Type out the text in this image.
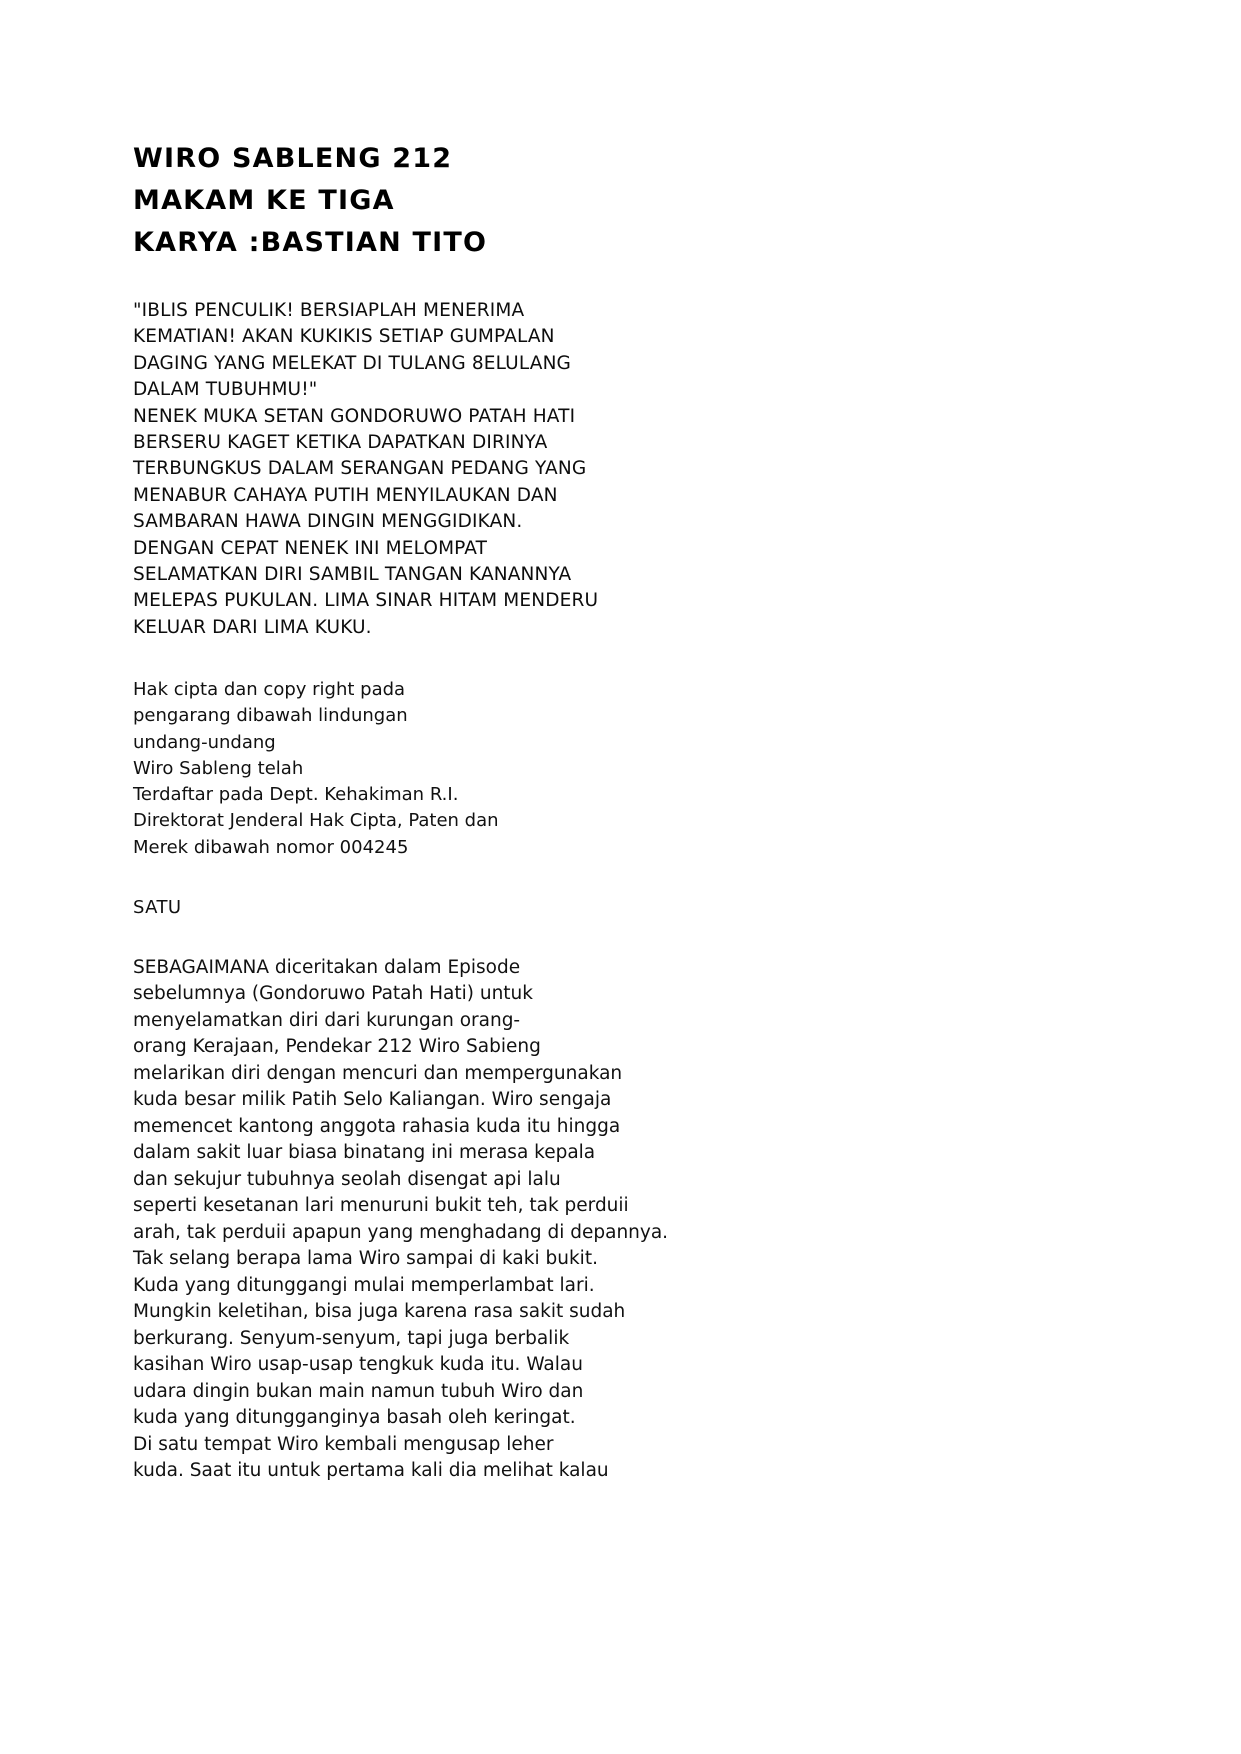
WIRO SABLENG 212
MAKAM KE TIGA
KARYA :BASTIAN TITO
"IBLIS PENCULIK! BERSIAPLAH MENERIMA
KEMATIAN! AKAN KUKIKIS SETIAP GUMPALAN
DAGING YANG MELEKAT DI TULANG 8ELULANG
DALAM TUBUHMU!"
NENEK MUKA SETAN GONDORUWO PATAH HATI
BERSERU KAGET KETIKA DAPATKAN DIRINYA
TERBUNGKUS DALAM SERANGAN PEDANG YANG
MENABUR CAHAYA PUTIH MENYILAUKAN DAN
SAMBARAN HAWA DINGIN MENGGIDIKAN.
DENGAN CEPAT NENEK INI MELOMPAT
SELAMATKAN DIRI SAMBIL TANGAN KANANNYA
MELEPAS PUKULAN. LIMA SINAR HITAM MENDERU
KELUAR DARI LIMA KUKU.
Hak cipta dan copy right pada
pengarang dibawah lindungan
undang-undang
Wiro Sableng telah
Terdaftar pada Dept. Kehakiman R.I.
Direktorat Jenderal Hak Cipta, Paten dan
Merek dibawah nomor 004245
SATU
SEBAGAIMANA diceritakan dalam Episode
sebelumnya (Gondoruwo Patah Hati) untuk
menyelamatkan diri dari kurungan orang-
orang Kerajaan, Pendekar 212 Wiro Sabieng
melarikan diri dengan mencuri dan mempergunakan
kuda besar milik Patih Selo Kaliangan. Wiro sengaja
memencet kantong anggota rahasia kuda itu hingga
dalam sakit luar biasa binatang ini merasa kepala
dan sekujur tubuhnya seolah disengat api lalu
seperti kesetanan lari menuruni bukit teh, tak perduii
arah, tak perduii apapun yang menghadang di depannya.
Tak selang berapa lama Wiro sampai di kaki bukit.
Kuda yang ditunggangi mulai memperlambat lari.
Mungkin keletihan, bisa juga karena rasa sakit sudah
berkurang. Senyum-senyum, tapi juga berbalik
kasihan Wiro usap-usap tengkuk kuda itu. Walau
udara dingin bukan main namun tubuh Wiro dan
kuda yang ditungganginya basah oleh keringat.
Di satu tempat Wiro kembali mengusap leher
kuda. Saat itu untuk pertama kali dia melihat kalau
